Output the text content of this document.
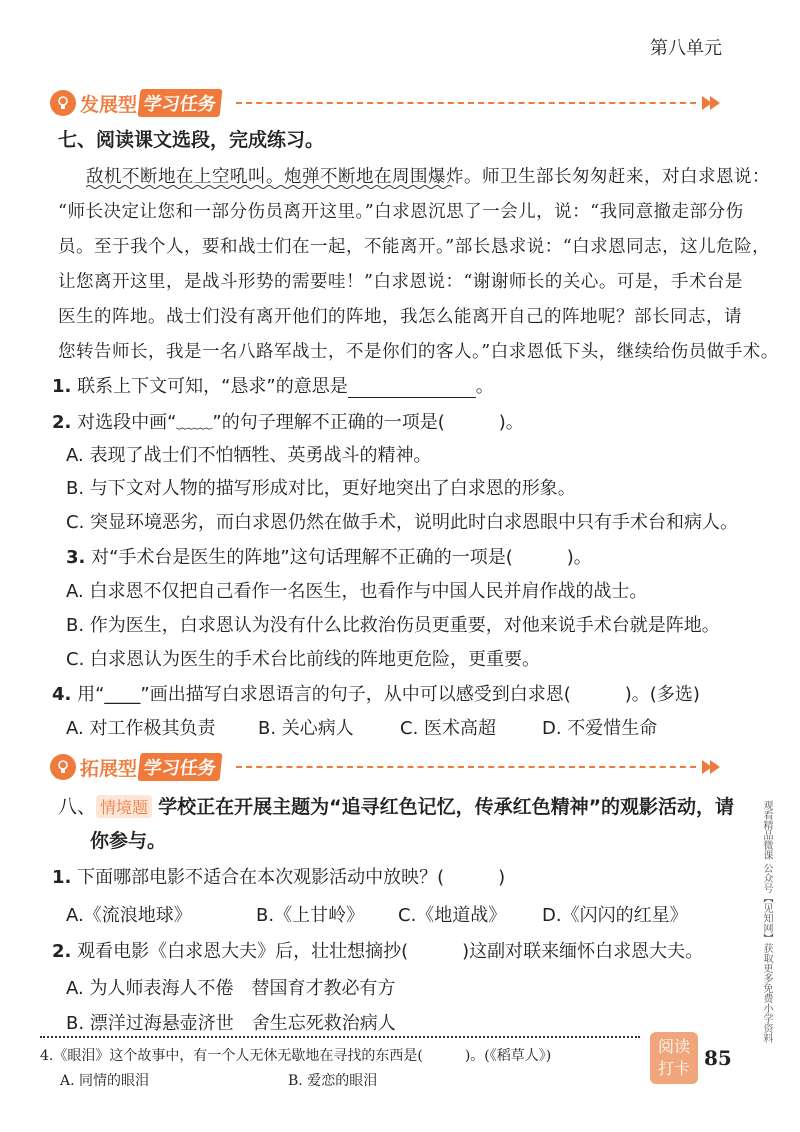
第八单元
发展型 学习任务
七、阅读课文选段，完成练习。
敌机不断地在上空吼叫。炮弹不断地在周围爆炸。师卫生部长匆匆赶来，对白求恩说：
“师长决定让您和一部分伤员离开这里。”白求恩沉思了一会儿，说：“我同意撤走部分伤
员。至于我个人，要和战士们在一起，不能离开。”部长恳求说：“白求恩同志，这儿危险，
让您离开这里，是战斗形势的需要哇！”白求恩说：“谢谢师长的关心。可是，手术台是
医生的阵地。战士们没有离开他们的阵地，我怎么能离开自己的阵地呢？部长同志，请
您转告师长，我是一名八路军战士，不是你们的客人。”白求恩低下头，继续给伤员做手术。
1. 联系上下文可知，“恳求”的意思是	。
2. 对选段中画“﹏﹏”的句子理解不正确的一项是(　　　)。
A. 表现了战士们不怕牺牲、英勇战斗的精神。
B. 与下文对人物的描写形成对比，更好地突出了白求恩的形象。
C. 突显环境恶劣，而白求恩仍然在做手术，说明此时白求恩眼中只有手术台和病人。
3. 对“手术台是医生的阵地”这句话理解不正确的一项是(　　　)。
A. 白求恩不仅把自己看作一名医生，也看作与中国人民并肩作战的战士。
B. 作为医生，白求恩认为没有什么比救治伤员更重要，对他来说手术台就是阵地。
C. 白求恩认为医生的手术台比前线的阵地更危险，更重要。
4. 用“____”画出描写白求恩语言的句子，从中可以感受到白求恩(　　　)。(多选)
A. 对工作极其负责 B. 关心病人	C. 医术高超	D. 不爱惜生命
拓展型 学习任务
八、 情境题 学校正在开展主题为“追寻红色记忆，传承红色精神”的观影活动，请
你参与。
1. 下面哪部电影不适合在本次观影活动中放映？(　　　)
A.《流浪地球》	B.《上甘岭》 C.《地道战》 D.《闪闪的红星》
2. 观看电影《白求恩大夫》后，壮壮想摘抄(　　　)这副对联来缅怀白求恩大夫。
A. 为人师表海人不倦　替国育才教必有方
B. 漂洋过海悬壶济世　舍生忘死救治病人
4.《眼泪》这个故事中，有一个人无休无歇地在寻找的东西是(　　　)。(《稻草人》)
A. 同情的眼泪	B. 爱恋的眼泪
阅读
打卡 85
观看精品微课 公众号【见知网】获取更多免费小学资料
